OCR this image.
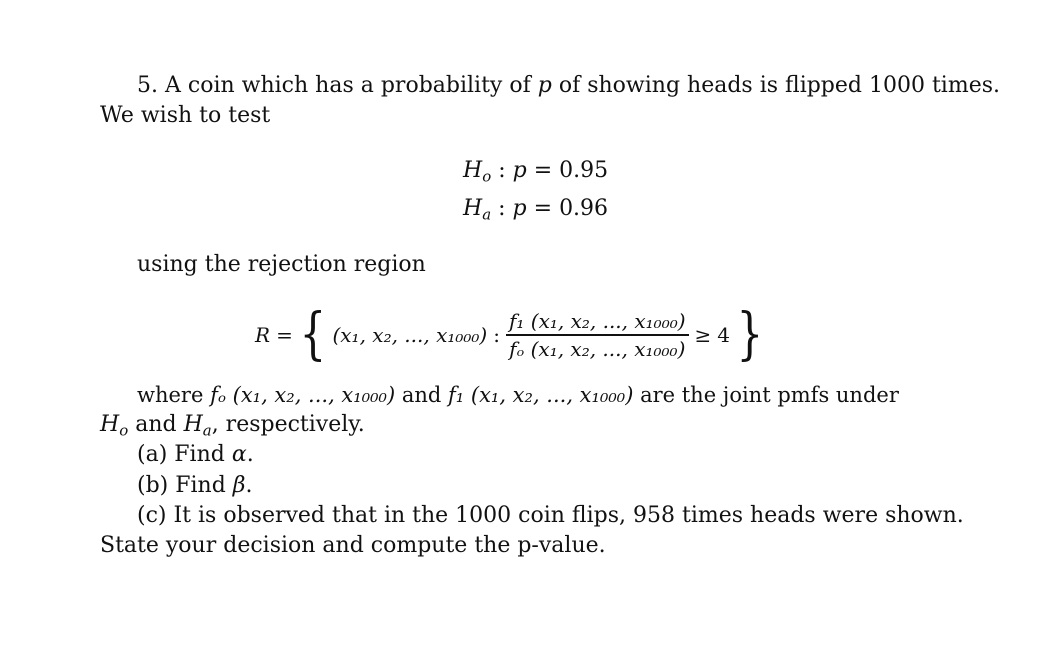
5. A coin which has a probability of p of showing heads is flipped 1000 times.
We wish to test
$H_o$ : p = 0.95
$H_a$ : p = 0.96
using the rejection region
R = { (x₁, x₂, ..., x₁₀₀₀) : $\frac{\text{f₁ (x₁, x₂, ..., x₁₀₀₀)}}{\text{fₒ (x₁, x₂, ..., x₁₀₀₀)}} \ge 4$ }
where fₒ (x₁, x₂, ..., x₁₀₀₀) and f₁ (x₁, x₂, ..., x₁₀₀₀) are the joint pmfs under
$H_o$ and $H_a$, respectively.
(a) Find α.
(b) Find β.
(c) It is observed that in the 1000 coin flips, 958 times heads were shown.
State your decision and compute the p-value.
